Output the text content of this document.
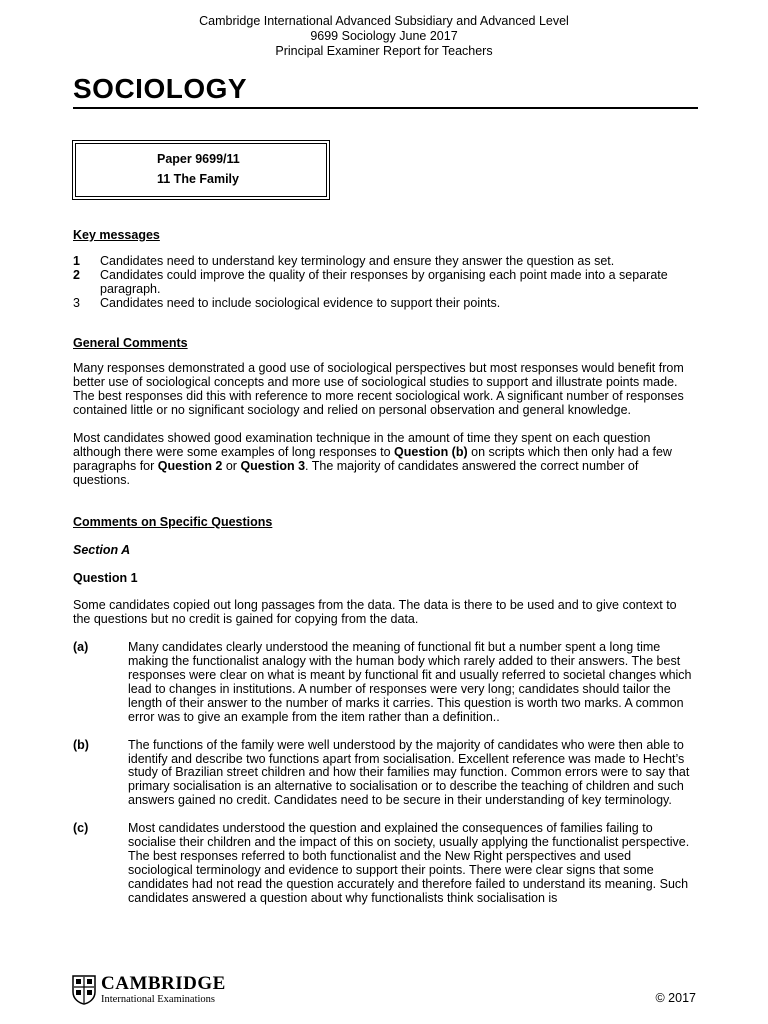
Cambridge International Advanced Subsidiary and Advanced Level
9699 Sociology June 2017
Principal Examiner Report for Teachers
SOCIOLOGY
Paper 9699/11
11 The Family

Key messages

1	Candidates need to understand key terminology and ensure they answer the question as set.
2	Candidates could improve the quality of their responses by organising each point made into a separate paragraph.
3	Candidates need to include sociological evidence to support their points.

General Comments

Many responses demonstrated a good use of sociological perspectives but most responses would benefit from better use of sociological concepts and more use of sociological studies to support and illustrate points made. The best responses did this with reference to more recent sociological work. A significant number of responses contained little or no significant sociology and relied on personal observation and general knowledge.

Most candidates showed good examination technique in the amount of time they spent on each question although there were some examples of long responses to Question (b) on scripts which then only had a few paragraphs for Question 2 or Question 3. The majority of candidates answered the correct number of questions.

Comments on Specific Questions

Section A

Question 1

Some candidates copied out long passages from the data. The data is there to be used and to give context to the questions but no credit is gained for copying from the data.

(a)	Many candidates clearly understood the meaning of functional fit but a number spent a long time making the functionalist analogy with the human body which rarely added to their answers. The best responses were clear on what is meant by functional fit and usually referred to societal changes which lead to changes in institutions. A number of responses were very long; candidates should tailor the length of their answer to the number of marks it carries. This question is worth two marks. A common error was to give an example from the item rather than a definition..
(b)	The functions of the family were well understood by the majority of candidates who were then able to identify and describe two functions apart from socialisation. Excellent reference was made to Hecht’s study of Brazilian street children and how their families may function. Common errors were to say that primary socialisation is an alternative to socialisation or to describe the teaching of children and such answers gained no credit. Candidates need to be secure in their understanding of key terminology.
(c)	Most candidates understood the question and explained the consequences of families failing to socialise their children and the impact of this on society, usually applying the functionalist perspective. The best responses referred to both functionalist and the New Right perspectives and used sociological terminology and evidence to support their points. There were clear signs that some candidates had not read the question accurately and therefore failed to understand its meaning. Such candidates answered a question about why functionalists think socialisation is
CAMBRIDGE
International Examinations	© 2017
